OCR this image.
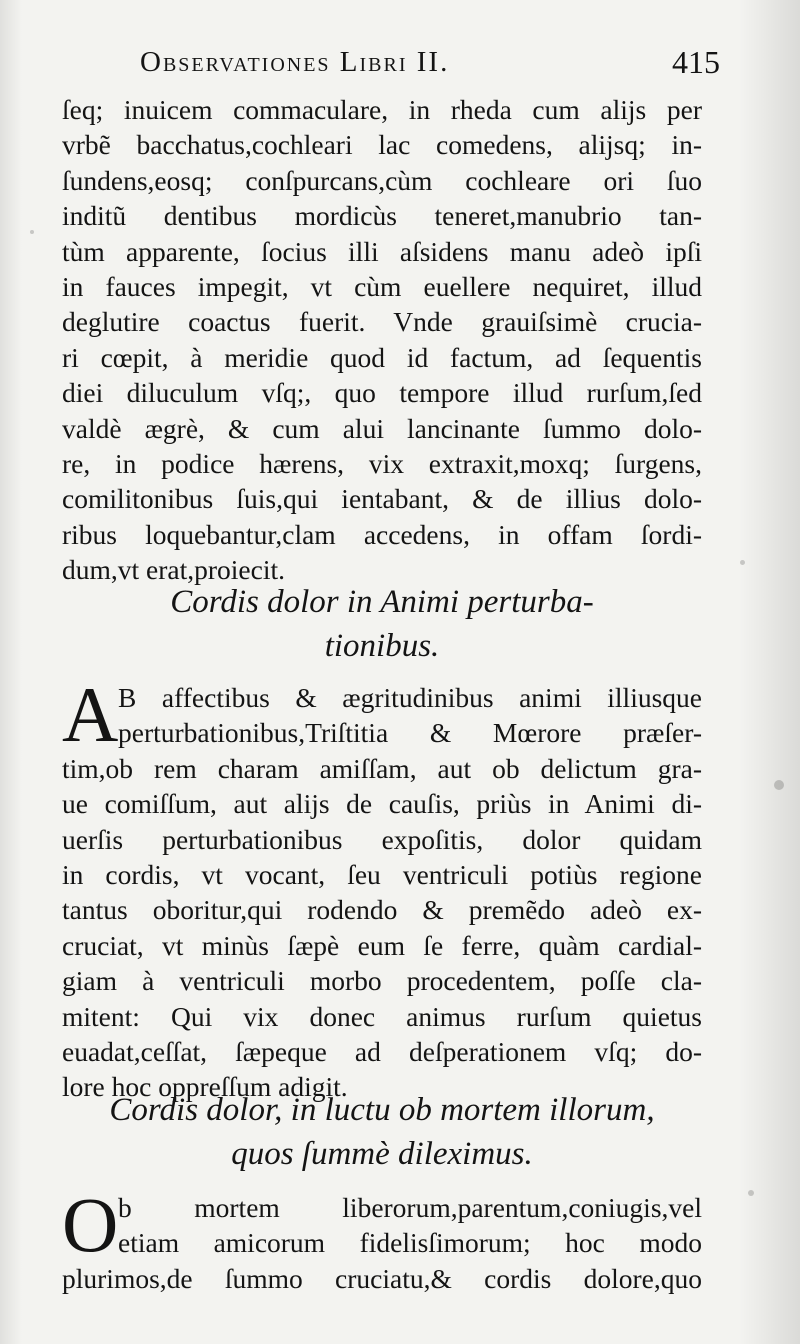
Observationes Libri II.	415
ſeq; inuicem commaculare, in rheda cum alijs per
vrbẽ bacchatus,cochleari lac comedens, alijsq; in-
ſundens,eosq; conſpurcans,cùm cochleare ori ſuo
inditũ dentibus mordicùs teneret,manubrio tan-
tùm apparente, ſocius illi aſsidens manu adeò ipſi
in fauces impegit, vt cùm euellere nequiret, illud
deglutire coactus fuerit. Vnde grauiſsimè crucia-
ri cœpit, à meridie quod id factum, ad ſequentis
diei diluculum vſq;, quo tempore illud rurſum,ſed
valdè ægrè, & cum alui lancinante ſummo dolo-
re, in podice hærens, vix extraxit,moxq; ſurgens,
comilitonibus ſuis,qui ientabant, & de illius dolo-
ribus loquebantur,clam accedens, in offam ſordi-
dum,vt erat,proiecit.
Cordis dolor in Animi perturba-
tionibus.
A B affectibus & ægritudinibus animi illiusque
perturbationibus,Triſtitia & Mœrore præſer-
tim,ob rem charam amiſſam, aut ob delictum gra-
ue comiſſum, aut alijs de cauſis, priùs in Animi di-
uerſis perturbationibus expoſitis, dolor quidam
in cordis, vt vocant, ſeu ventriculi potiùs regione
tantus oboritur,qui rodendo & premẽdo adeò ex-
cruciat, vt minùs ſæpè eum ſe ferre, quàm cardial-
giam à ventriculi morbo procedentem, poſſe cla-
mitent: Qui vix donec animus rurſum quietus
euadat,ceſſat, ſæpeque ad deſperationem vſq; do-
lore hoc oppreſſum adigit.
Cordis dolor, in luctu ob mortem illorum,
quos ſummè dileximus.
O b mortem liberorum,parentum,coniugis,vel
etiam amicorum fidelisſimorum; hoc modo
plurimos,de ſummo cruciatu,& cordis dolore,quo
